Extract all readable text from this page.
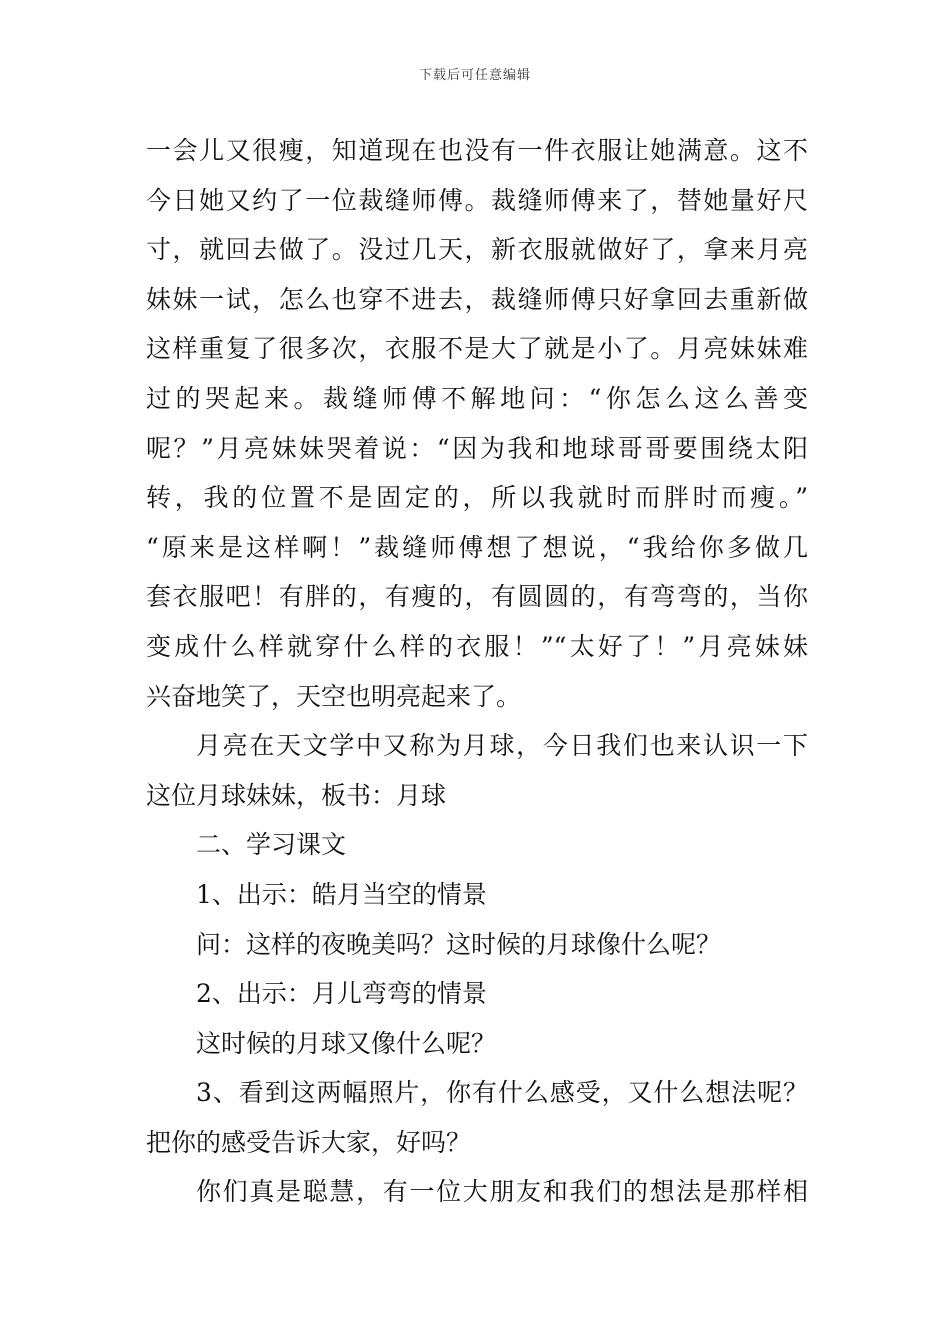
下载后可任意编辑
一会儿又很瘦，知道现在也没有一件衣服让她满意。这不
今日她又约了一位裁缝师傅。裁缝师傅来了，替她量好尺
寸，就回去做了。没过几天，新衣服就做好了，拿来月亮
妹妹一试，怎么也穿不进去，裁缝师傅只好拿回去重新做
这样重复了很多次，衣服不是大了就是小了。月亮妹妹难
过的哭起来。裁缝师傅不解地问：“你怎么这么善变
呢？”月亮妹妹哭着说：“因为我和地球哥哥要围绕太阳
转，我的位置不是固定的，所以我就时而胖时而瘦。”
“原来是这样啊！”裁缝师傅想了想说，“我给你多做几
套衣服吧！有胖的，有瘦的，有圆圆的，有弯弯的，当你
变成什么样就穿什么样的衣服！”“太好了！”月亮妹妹
兴奋地笑了，天空也明亮起来了。
月亮在天文学中又称为月球，今日我们也来认识一下
这位月球妹妹，板书：月球
二、学习课文
1、出示：皓月当空的情景
问：这样的夜晚美吗？这时候的月球像什么呢？
2、出示：月儿弯弯的情景
这时候的月球又像什么呢？
3、看到这两幅照片，你有什么感受，又什么想法呢？
把你的感受告诉大家，好吗？
你们真是聪慧，有一位大朋友和我们的想法是那样相
